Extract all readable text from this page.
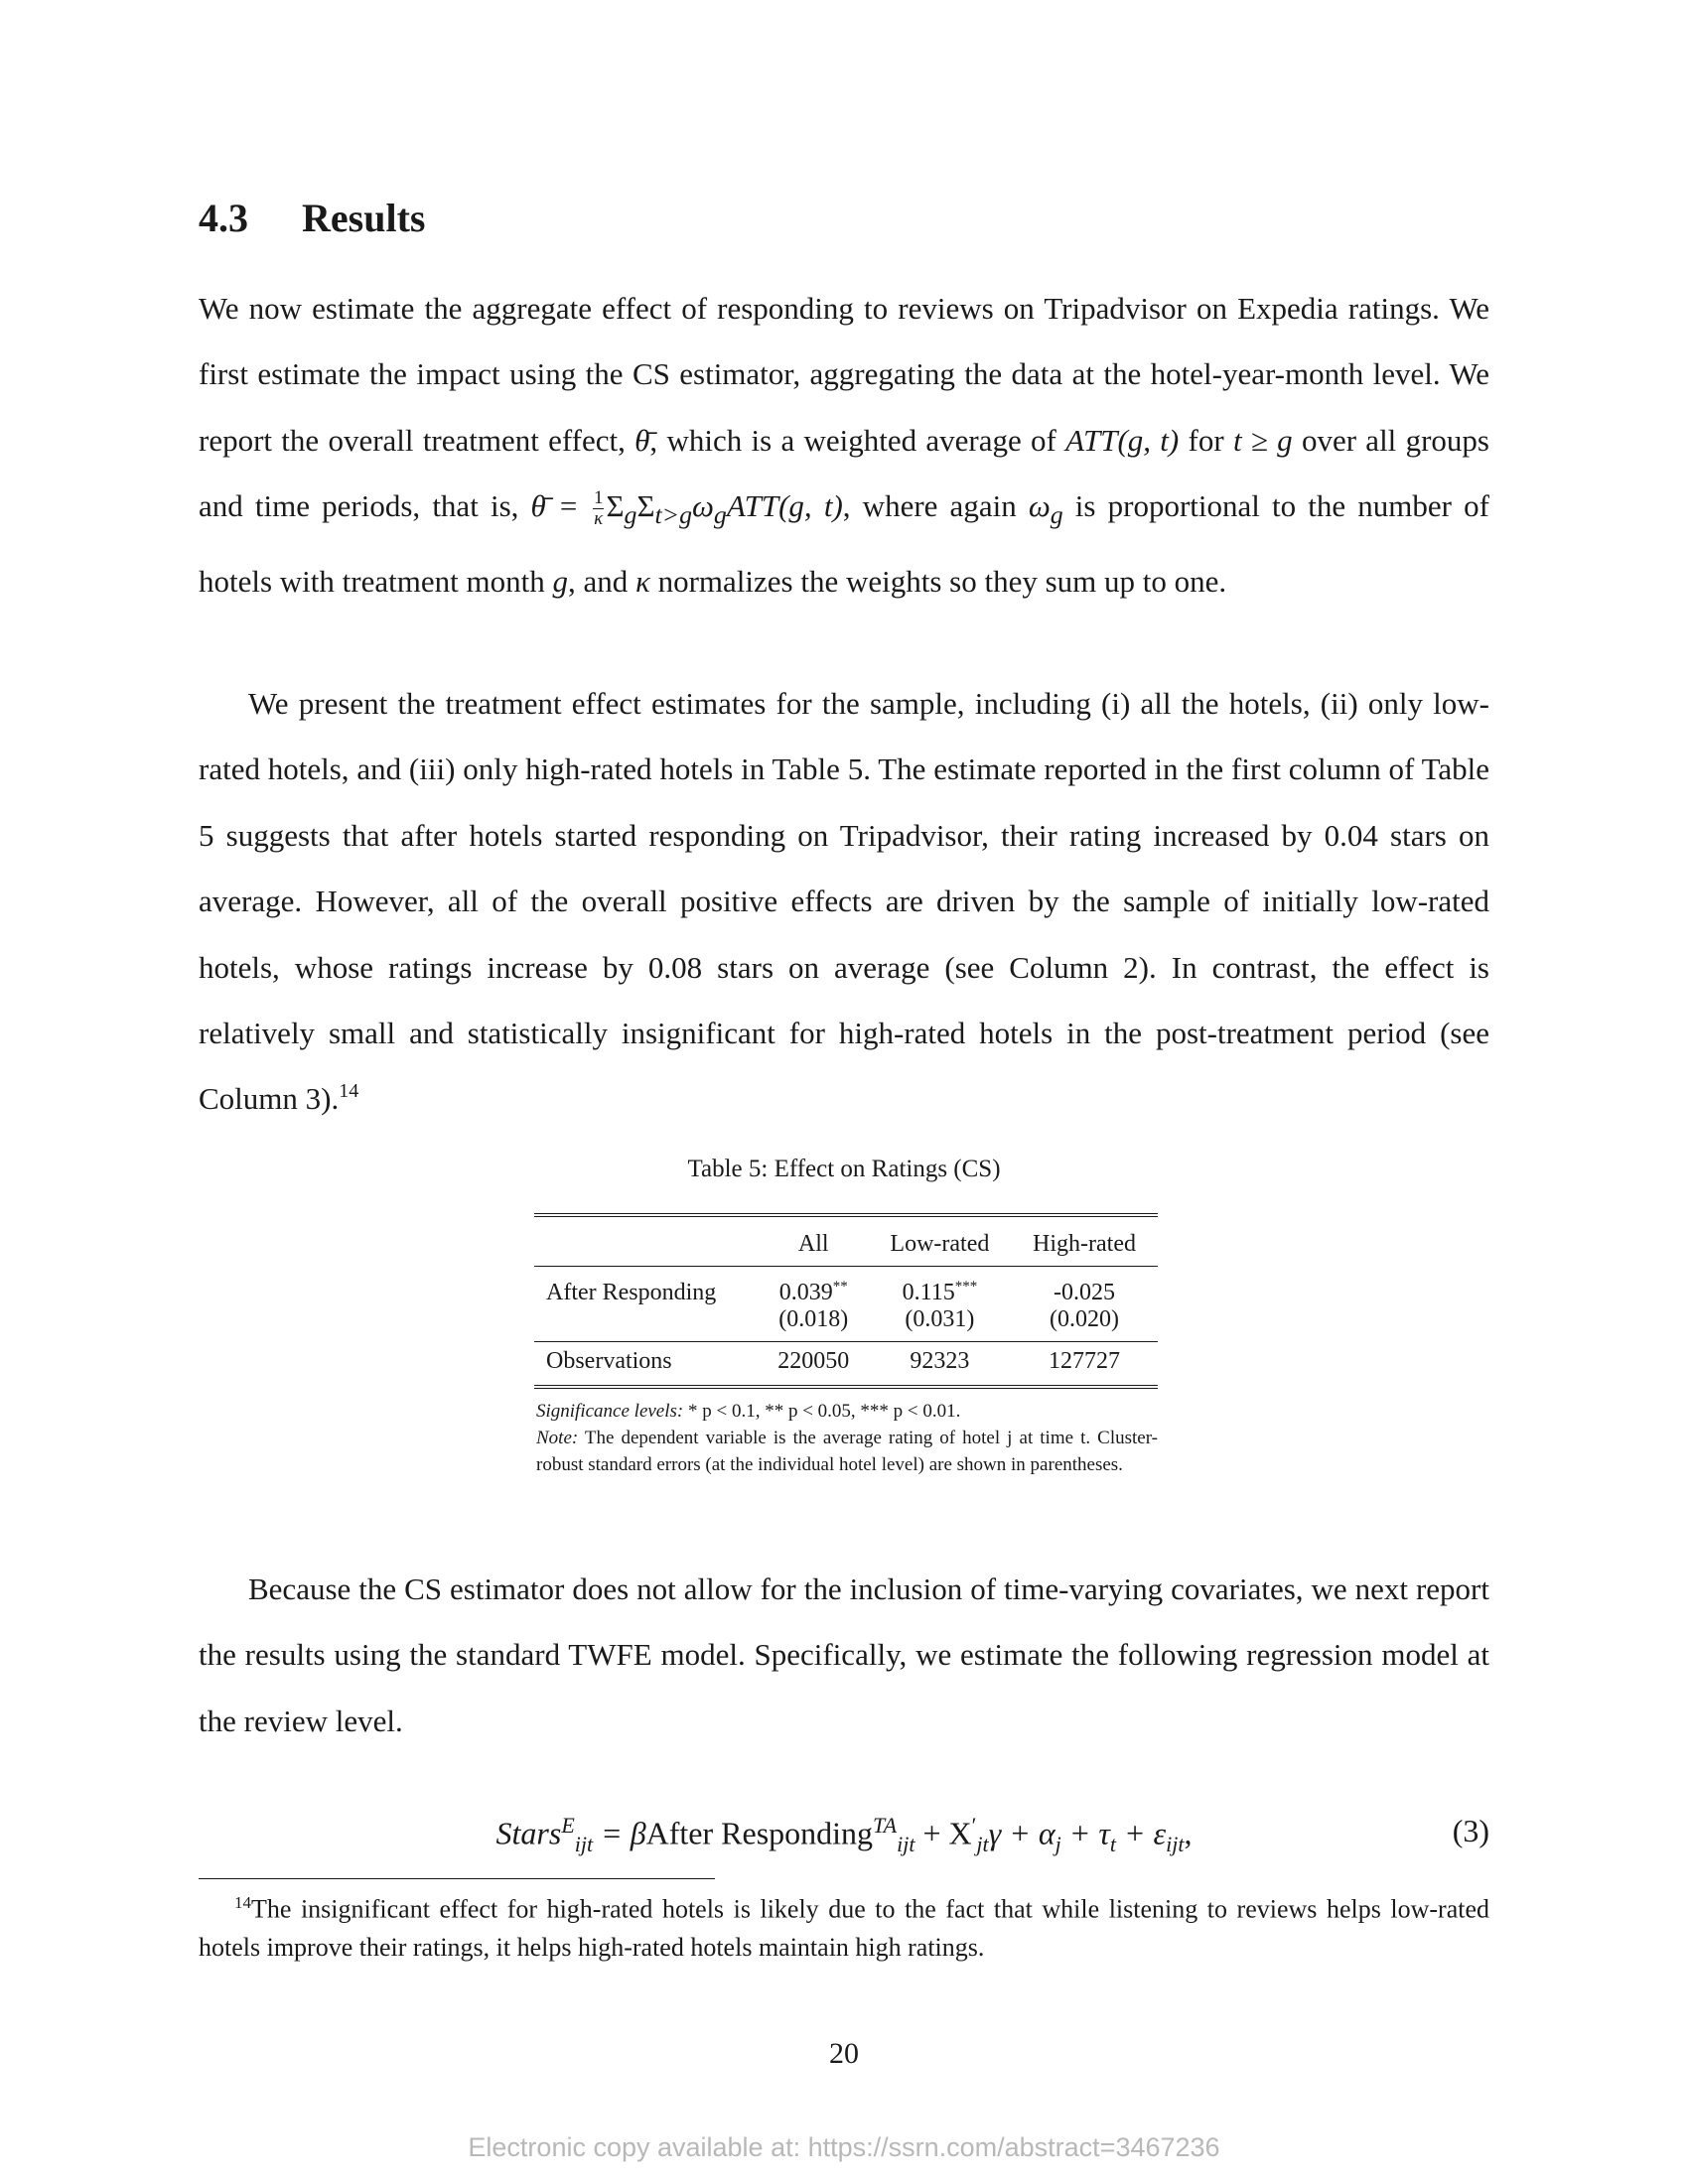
4.3 Results
We now estimate the aggregate effect of responding to reviews on Tripadvisor on Expedia ratings. We first estimate the impact using the CS estimator, aggregating the data at the hotel-year-month level. We report the overall treatment effect, θ̄, which is a weighted average of ATT(g, t) for t ≥ g over all groups and time periods, that is, θ̄ = $\frac{1}{\kappa} \Sigma_g\Sigma_{t>g}\omega_gATT(g$, t), where again $\omega_g$ is proportional to the number of hotels with treatment month g, and κ normalizes the weights so they sum up to one.
We present the treatment effect estimates for the sample, including (i) all the hotels, (ii) only low-rated hotels, and (iii) only high-rated hotels in Table 5. The estimate reported in the first column of Table 5 suggests that after hotels started responding on Tripadvisor, their rating increased by 0.04 stars on average. However, all of the overall positive effects are driven by the sample of initially low-rated hotels, whose ratings increase by 0.08 stars on average (see Column 2). In contrast, the effect is relatively small and statistically insignificant for high-rated hotels in the post-treatment period (see Column 3).$^{14}$
Table 5: Effect on Ratings (CS)
	All	Low-rated	High-rated
After Responding	0.039**	0.115***	-0.025
	(0.018)	(0.031)	(0.020)
Observations	220050	92323	127727
Significance levels: * p < 0.1, ** p < 0.05, *** p < 0.01.
Note: The dependent variable is the average rating of hotel j at time t. Cluster-robust standard errors (at the individual hotel level) are shown in parentheses.
Because the CS estimator does not allow for the inclusion of time-varying covariates, we next report the results using the standard TWFE model. Specifically, we estimate the following regression model at the review level.
Stars$^E_{ijt}$ = βAfter Responding$^{TA}_{ijt}$ + $X'_{jt}\gamma + \alpha_j + \tau_t + \varepsilon_{ijt}$,	(3)
$^{14}$The insignificant effect for high-rated hotels is likely due to the fact that while listening to reviews helps low-rated hotels improve their ratings, it helps high-rated hotels maintain high ratings.
20
Electronic copy available at: https://ssrn.com/abstract=3467236
